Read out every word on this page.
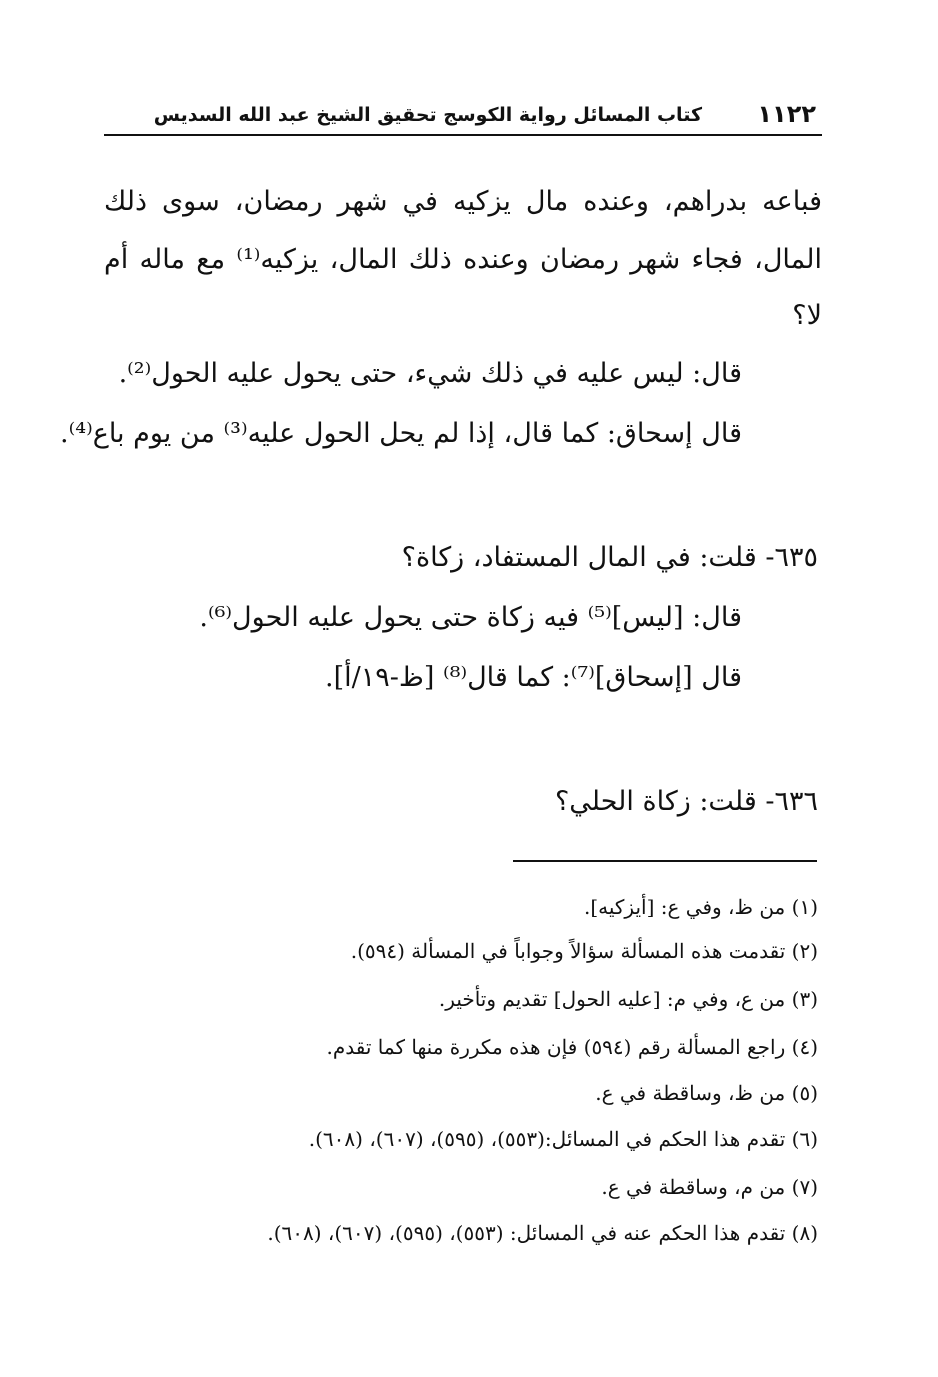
١١٢٢
كتاب المسائل رواية الكوسج تحقيق الشيخ عبد الله السديس
فباعه بدراهم، وعنده مال يزكيه في شهر رمضان، سوى ذلك
المال، فجاء شهر رمضان وعنده ذلك المال، يزكيه⁽¹⁾ مع ماله أم
لا؟
قال: ليس عليه في ذلك شيء، حتى يحول عليه الحول⁽²⁾.
قال إسحاق: كما قال، إذا لم يحل الحول عليه⁽³⁾ من يوم باع⁽⁴⁾.
٦٣٥- قلت: في المال المستفاد، زكاة؟
قال: [ليس]⁽⁵⁾ فيه زكاة حتى يحول عليه الحول⁽⁶⁾.
قال [إسحاق]⁽⁷⁾: كما قال⁽⁸⁾ [ظ-١٩/أ].
٦٣٦- قلت: زكاة الحلي؟
(١) من ظ، وفي ع: [أيزكيه].
(٢) تقدمت هذه المسألة سؤالاً وجواباً في المسألة (٥٩٤).
(٣) من ع، وفي م: [عليه الحول] تقديم وتأخير.
(٤) راجع المسألة رقم (٥٩٤) فإن هذه مكررة منها كما تقدم.
(٥) من ظ، وساقطة في ع.
(٦) تقدم هذا الحكم في المسائل:(٥٥٣)، (٥٩٥)، (٦٠٧)، (٦٠٨).
(٧) من م، وساقطة في ع.
(٨) تقدم هذا الحكم عنه في المسائل: (٥٥٣)، (٥٩٥)، (٦٠٧)، (٦٠٨).
